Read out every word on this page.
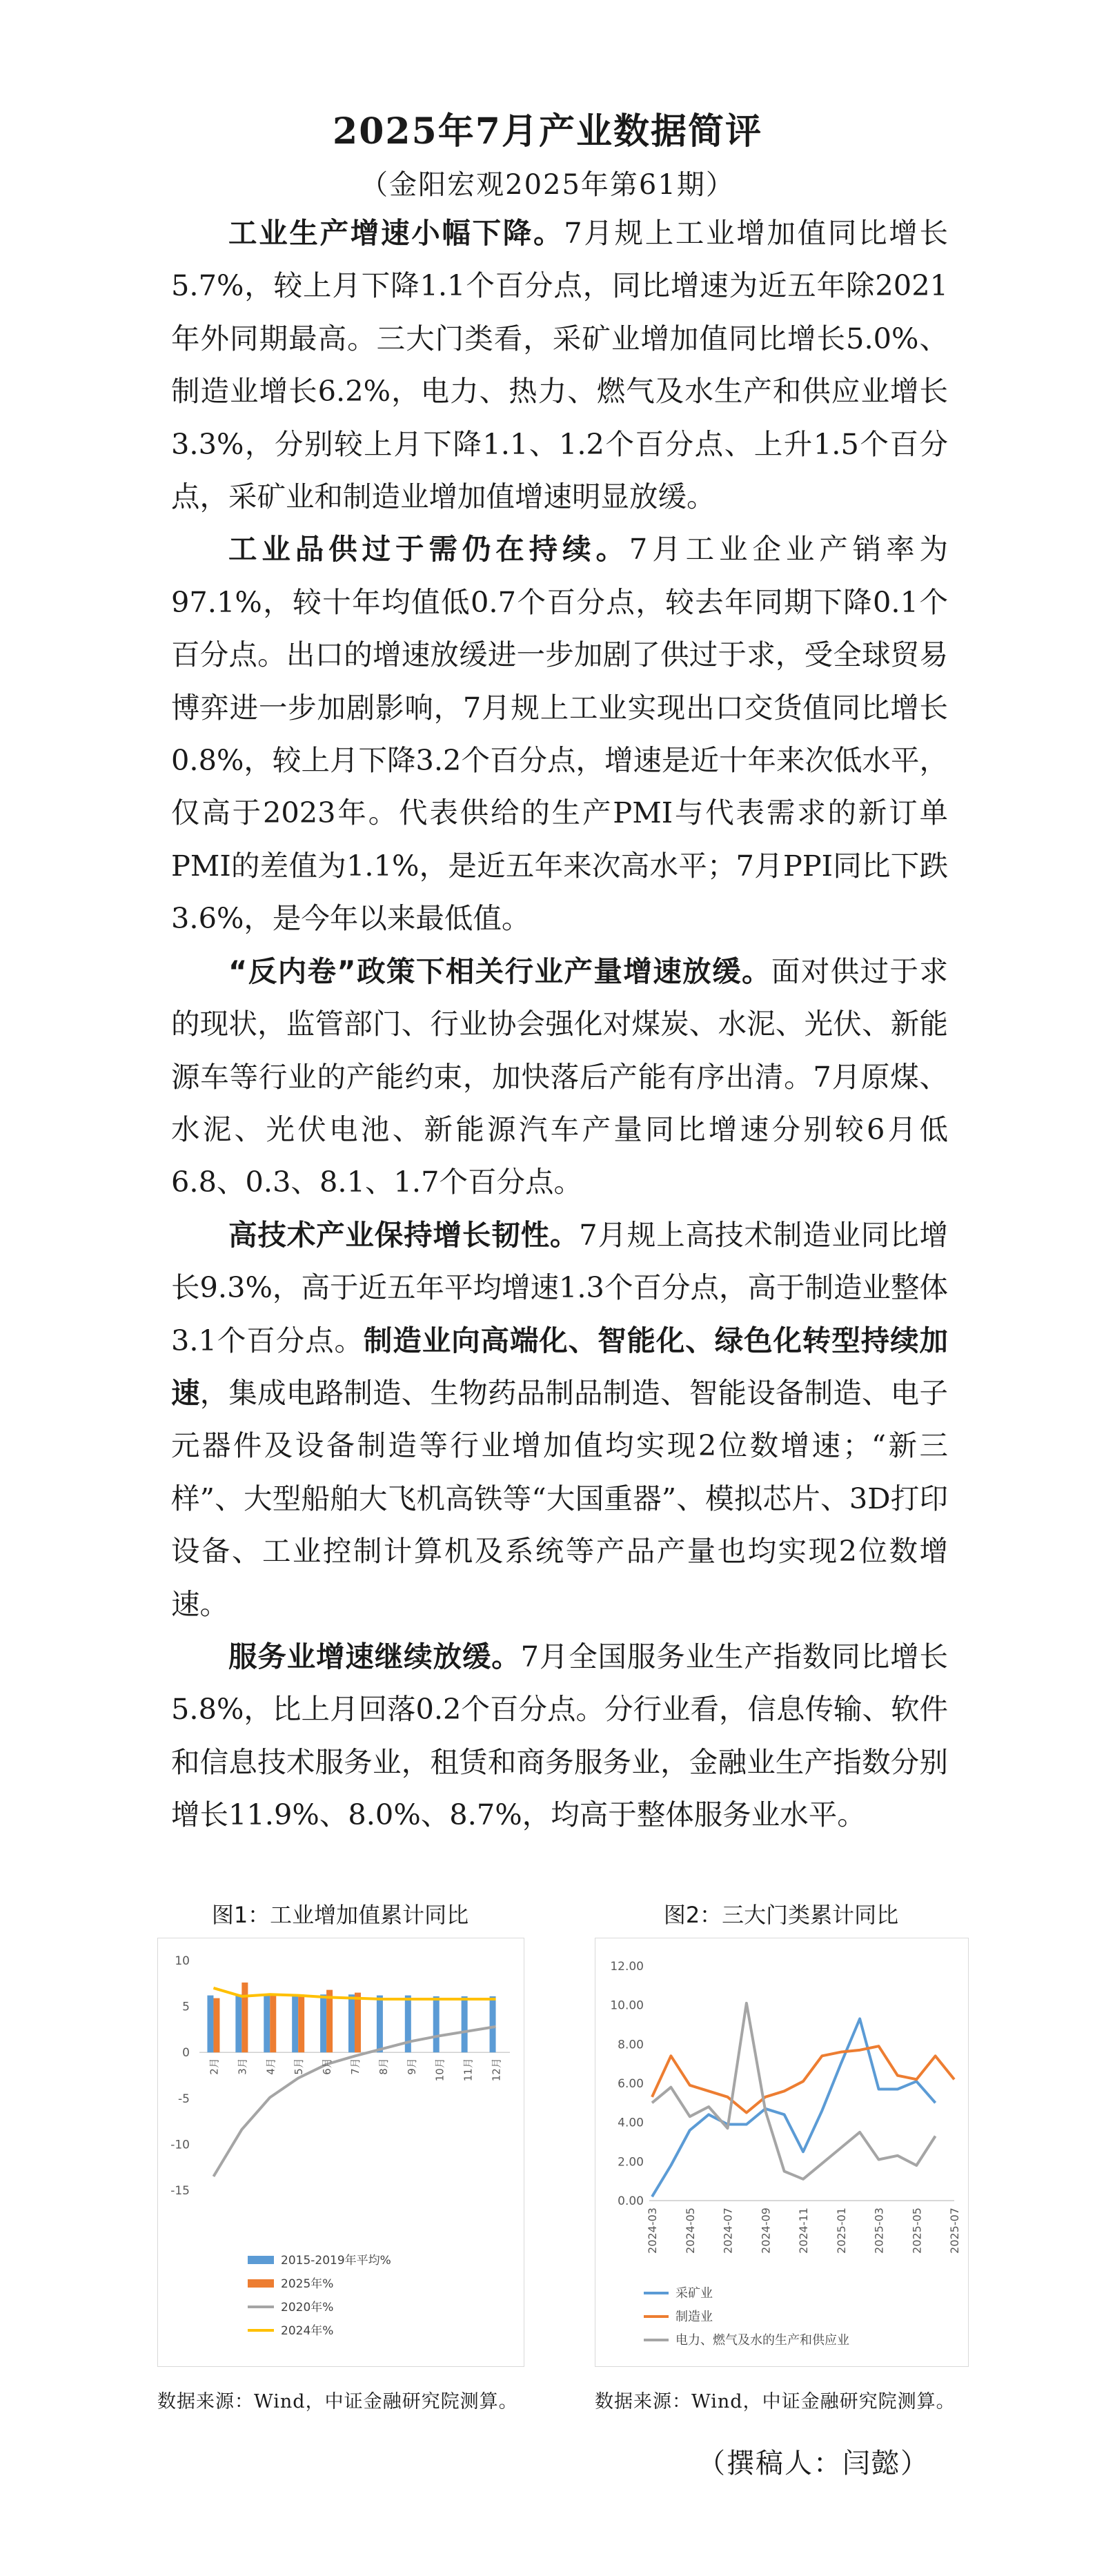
2025年7月产业数据简评
（金阳宏观2025年第61期）

工业生产增速小幅下降。7月规上工业增加值同比增长5.7%，较上月下降1.1个百分点，同比增速为近五年除2021年外同期最高。三大门类看，采矿业增加值同比增长5.0%、制造业增长6.2%，电力、热力、燃气及水生产和供应业增长3.3%，分别较上月下降1.1、1.2个百分点、上升1.5个百分点，采矿业和制造业增加值增速明显放缓。

工业品供过于需仍在持续。7月工业企业产销率为97.1%，较十年均值低0.7个百分点，较去年同期下降0.1个百分点。出口的增速放缓进一步加剧了供过于求，受全球贸易博弈进一步加剧影响，7月规上工业实现出口交货值同比增长0.8%，较上月下降3.2个百分点，增速是近十年来次低水平，仅高于2023年。代表供给的生产PMI与代表需求的新订单PMI的差值为1.1%，是近五年来次高水平；7月PPI同比下跌3.6%，是今年以来最低值。

“反内卷”政策下相关行业产量增速放缓。面对供过于求的现状，监管部门、行业协会强化对煤炭、水泥、光伏、新能源车等行业的产能约束，加快落后产能有序出清。7月原煤、水泥、光伏电池、新能源汽车产量同比增速分别较6月低6.8、0.3、8.1、1.7个百分点。

高技术产业保持增长韧性。7月规上高技术制造业同比增长9.3%，高于近五年平均增速1.3个百分点，高于制造业整体3.1个百分点。制造业向高端化、智能化、绿色化转型持续加速，集成电路制造、生物药品制品制造、智能设备制造、电子元器件及设备制造等行业增加值均实现2位数增速；“新三样”、大型船舶大飞机高铁等“大国重器”、模拟芯片、3D打印设备、工业控制计算机及系统等产品产量也均实现2位数增速。

服务业增速继续放缓。7月全国服务业生产指数同比增长5.8%，比上月回落0.2个百分点。分行业看，信息传输、软件和信息技术服务业，租赁和商务服务业，金融业生产指数分别增长11.9%、8.0%、8.7%，均高于整体服务业水平。

图1：工业增加值累计同比
10
5
0
-5
-10
-15
2月 3月 4月 5月 6月 7月 8月 9月 10月 11月 12月
2015-2019年平均%
2025年%
2020年%
2024年%
数据来源：Wind，中证金融研究院测算。
图2：三大门类累计同比
12.00
10.00
8.00
6.00
4.00
2.00
0.00
2024-03 2024-05 2024-07 2024-09 2024-11 2025-01 2025-03 2025-05 2025-07
采矿业
制造业
电力、燃气及水的生产和供应业
数据来源：Wind，中证金融研究院测算。
（撰稿人：闫懿）
